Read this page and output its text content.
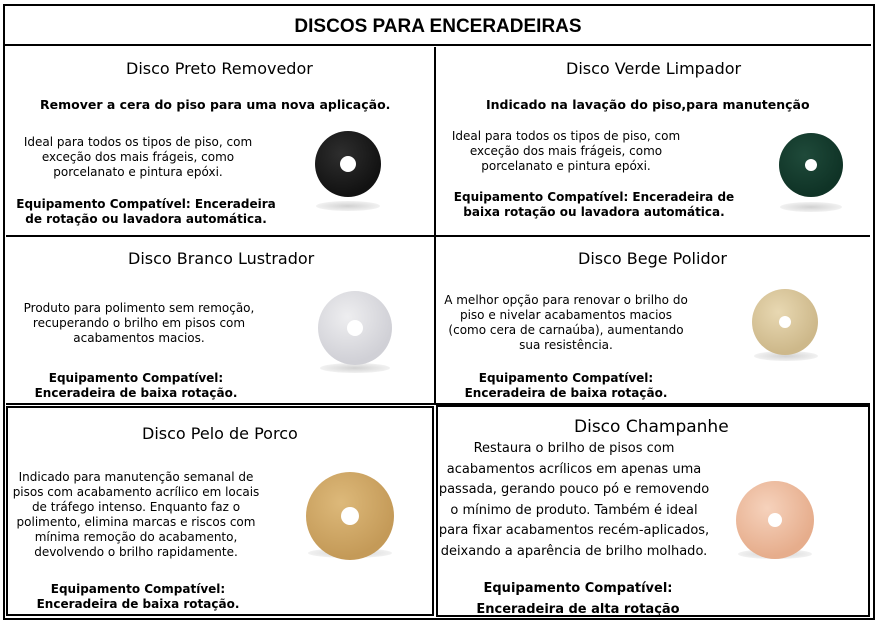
DISCOS PARA ENCERADEIRAS
Disco Preto Removedor
Remover a cera do piso para uma nova aplicação.
Ideal para todos os tipos de piso, com exceção dos mais frágeis, como porcelanato e pintura epóxi.
Equipamento Compatível: Enceradeira de rotação ou lavadora automática.
Disco Verde Limpador
Indicado na lavação do piso,para manutenção
Ideal para todos os tipos de piso, com exceção dos mais frágeis, como porcelanato e pintura epóxi.
Equipamento Compatível: Enceradeira de baixa rotação ou lavadora automática.
Disco Branco Lustrador
Produto para polimento sem remoção, recuperando o brilho em pisos com acabamentos macios.
Equipamento Compatível: Enceradeira de baixa rotação.
Disco Bege Polidor
A melhor opção para renovar o brilho do piso e nivelar acabamentos macios (como cera de carnaúba), aumentando sua resistência.
Equipamento Compatível: Enceradeira de baixa rotação.
Disco Pelo de Porco
Indicado para manutenção semanal de pisos com acabamento acrílico em locais de tráfego intenso. Enquanto faz o polimento, elimina marcas e riscos com mínima remoção do acabamento, devolvendo o brilho rapidamente.
Equipamento Compatível: Enceradeira de baixa rotação.
Disco Champanhe
Restaura o brilho de pisos com acabamentos acrílicos em apenas uma passada, gerando pouco pó e removendo o mínimo de produto. Também é ideal para fixar acabamentos recém-aplicados, deixando a aparência de brilho molhado.
Equipamento Compatível: Enceradeira de alta rotação
